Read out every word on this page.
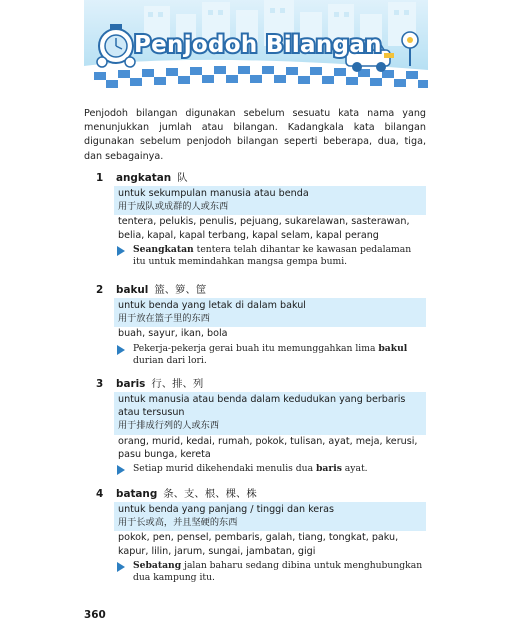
Penjodoh Bilangan
Penjodoh bilangan digunakan sebelum sesuatu kata nama yang menunjukkan jumlah atau bilangan. Kadangkala kata bilangan digunakan sebelum penjodoh bilangan seperti beberapa, dua, tiga, dan sebagainya.
1 angkatan 队
untuk sekumpulan manusia atau benda
用于成队或成群的人或东西
tentera, pelukis, penulis, pejuang, sukarelawan, sasterawan, belia, kapal, kapal terbang, kapal selam, kapal perang
Seangkatan tentera telah dihantar ke kawasan pedalaman itu untuk memindahkan mangsa gempa bumi.
2 bakul 篮、箩、筐
untuk benda yang letak di dalam bakul
用于放在篮子里的东西
buah, sayur, ikan, bola
Pekerja-pekerja gerai buah itu memunggahkan lima bakul durian dari lori.
3 baris 行、排、列
untuk manusia atau benda dalam kedudukan yang berbaris atau tersusun
用于排成行列的人或东西
orang, murid, kedai, rumah, pokok, tulisan, ayat, meja, kerusi, pasu bunga, kereta
Setiap murid dikehendaki menulis dua baris ayat.
4 batang 条、支、根、棵、株
untuk benda yang panjang / tinggi dan keras
用于长或高，并且坚硬的东西
pokok, pen, pensel, pembaris, galah, tiang, tongkat, paku, kapur, lilin, jarum, sungai, jambatan, gigi
Sebatang jalan baharu sedang dibina untuk menghubungkan dua kampung itu.
360
